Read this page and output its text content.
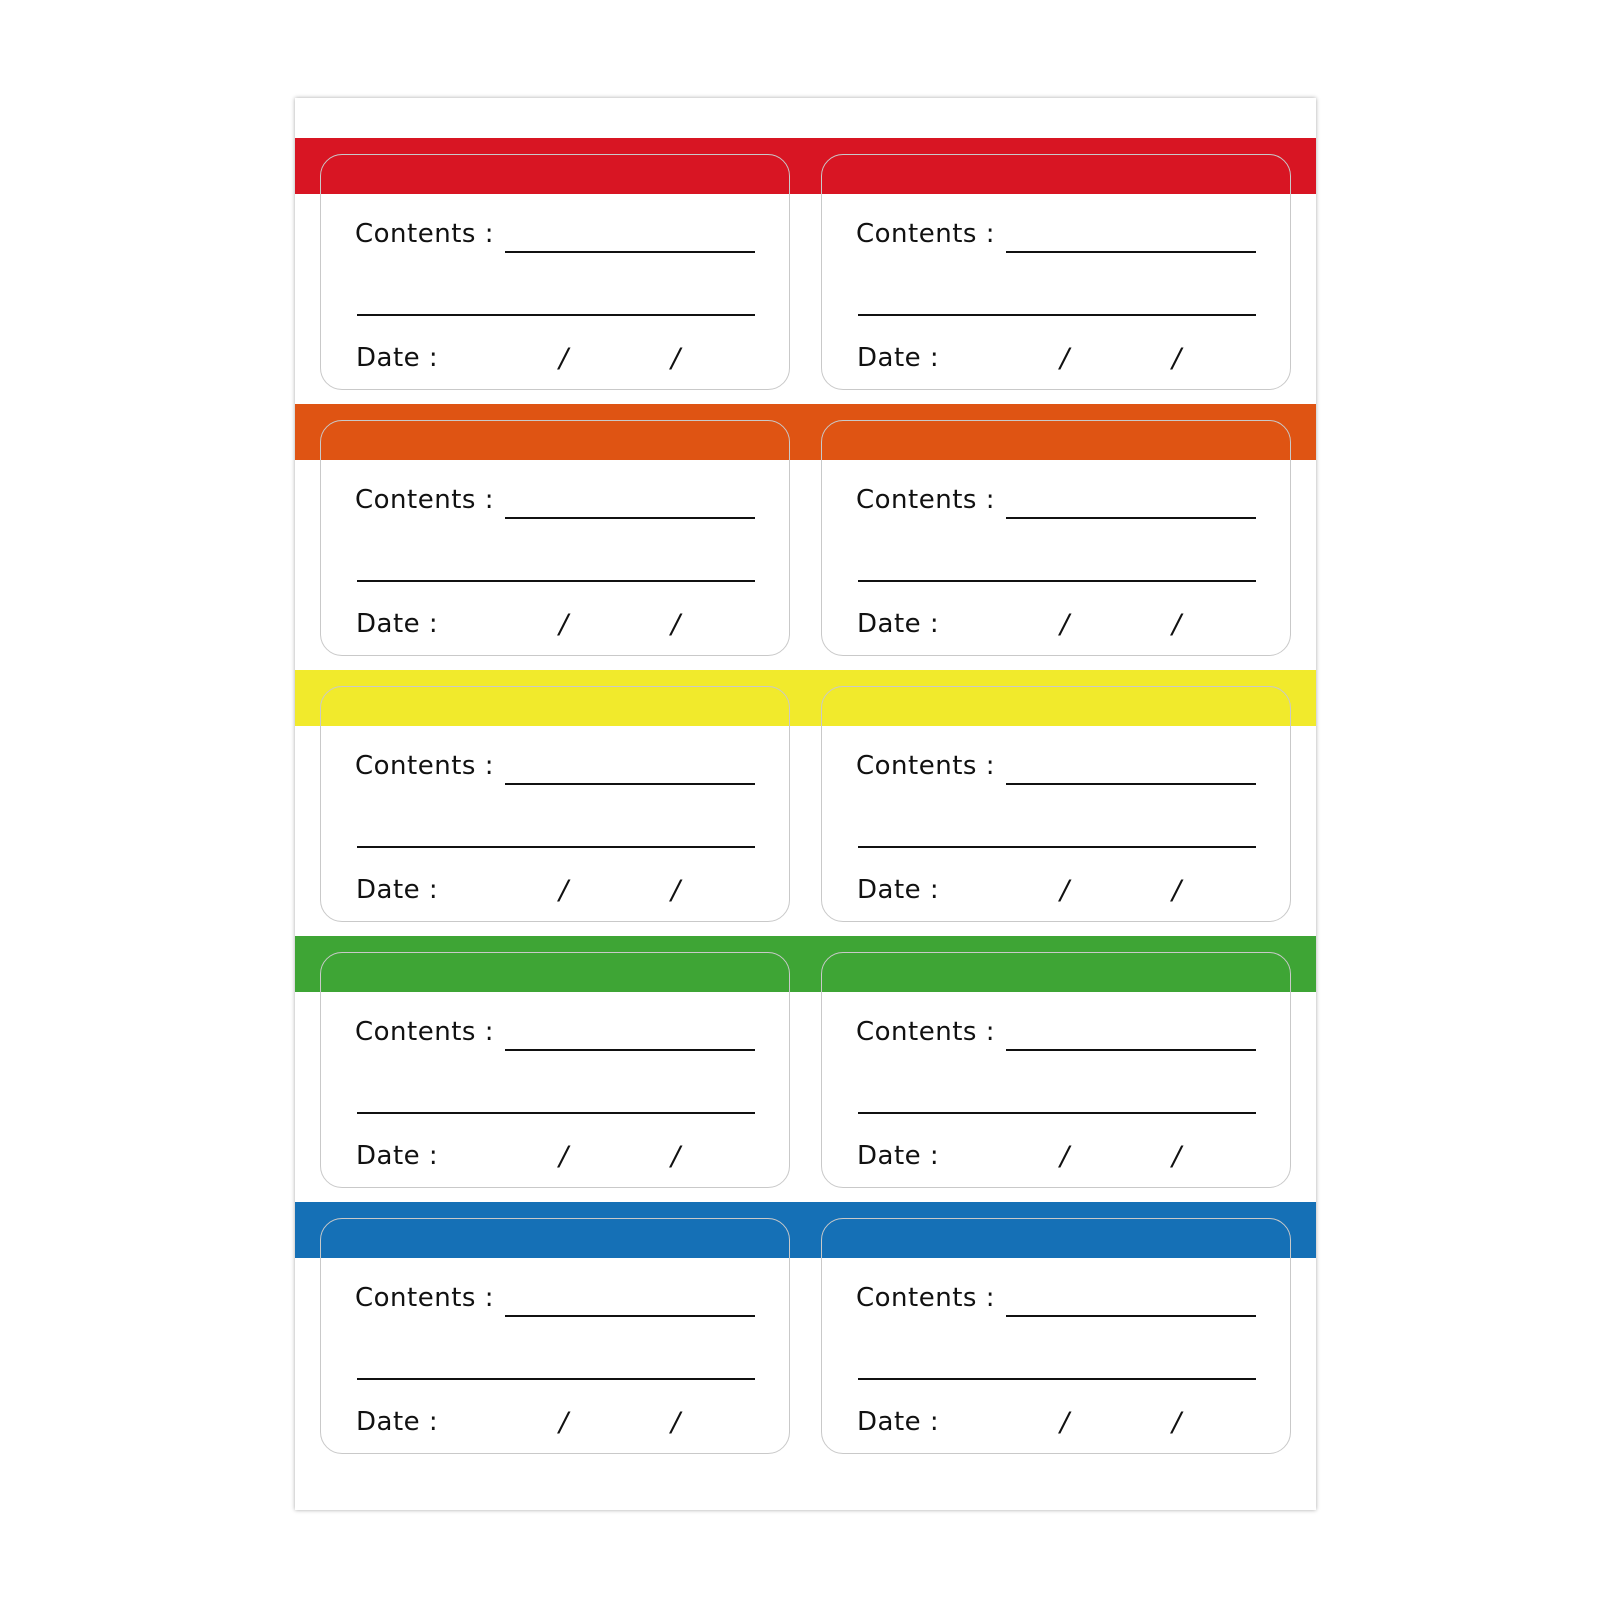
Contents :
Date :	/	/
Contents :
Date :	/	/
Contents :
Date :	/	/
Contents :
Date :	/	/
Contents :
Date :	/	/
Contents :
Date :	/	/
Contents :
Date :	/	/
Contents :
Date :	/	/
Contents :
Date :	/	/
Contents :
Date :	/	/
